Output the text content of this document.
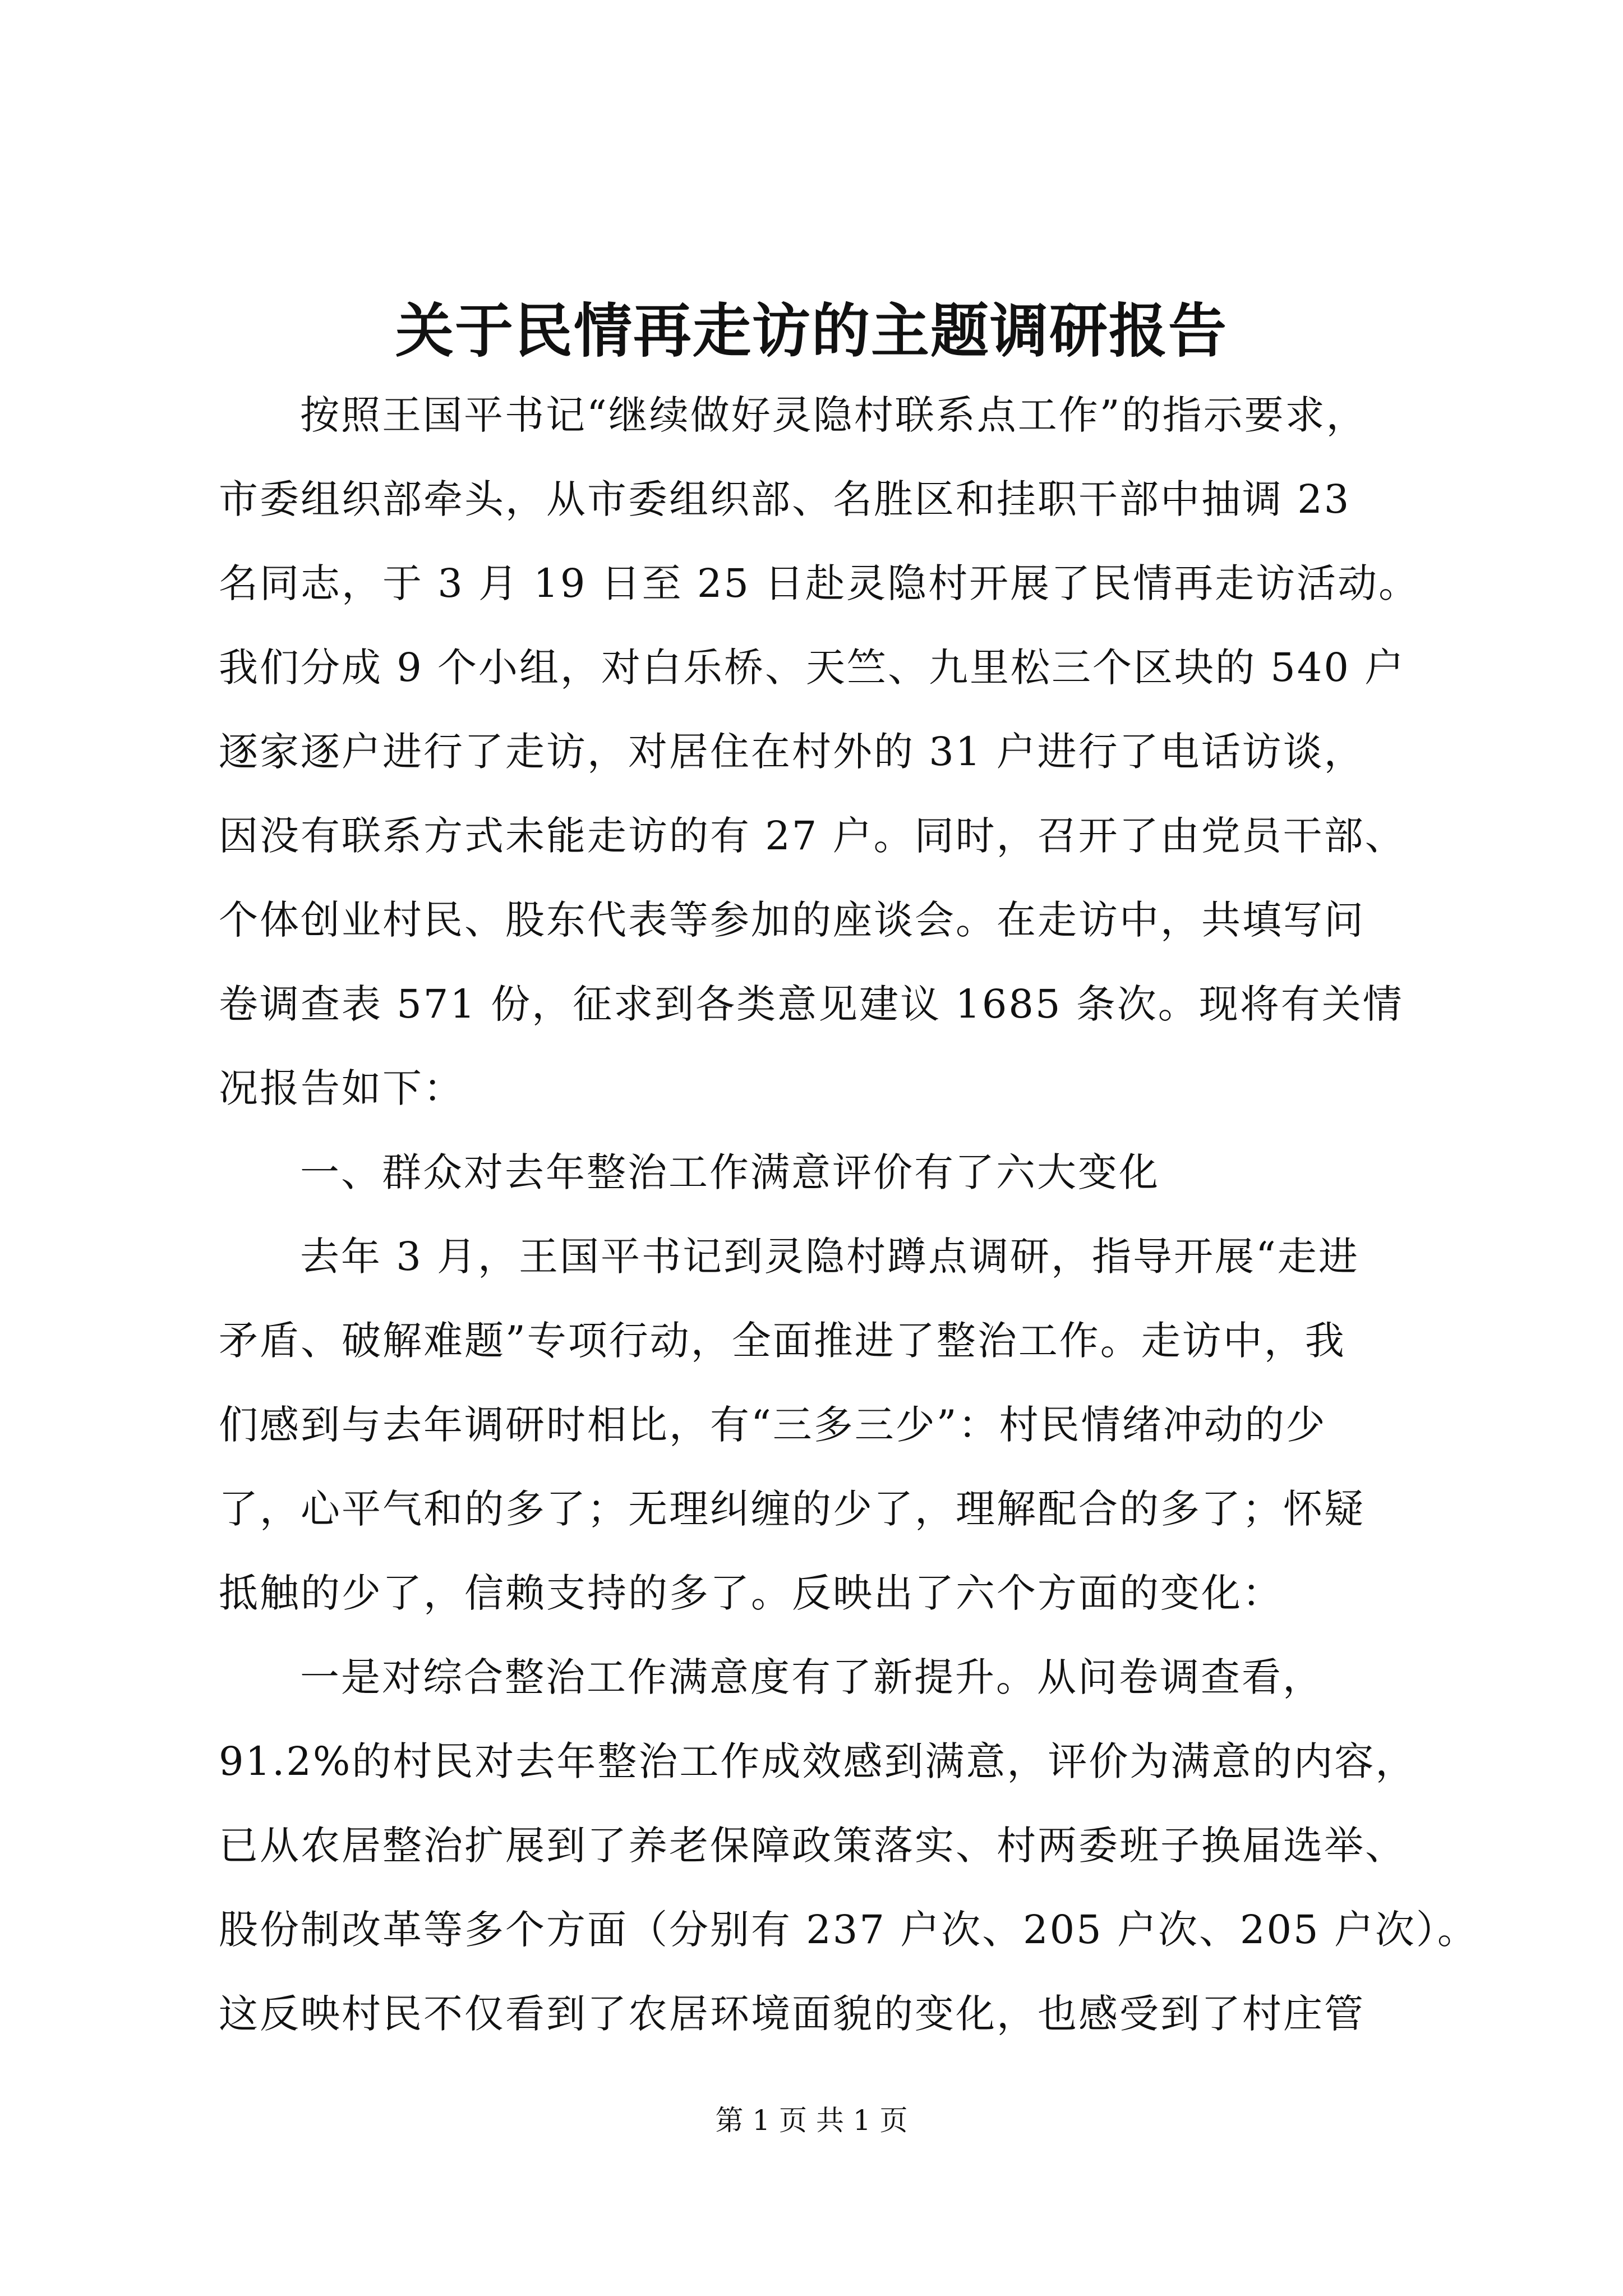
关于民情再走访的主题调研报告
按照王国平书记“继续做好灵隐村联系点工作”的指示要求，
市委组织部牵头，从市委组织部、名胜区和挂职干部中抽调 23
名同志，于 3 月 19 日至 25 日赴灵隐村开展了民情再走访活动。
我们分成 9 个小组，对白乐桥、天竺、九里松三个区块的 540 户
逐家逐户进行了走访，对居住在村外的 31 户进行了电话访谈，
因没有联系方式未能走访的有 27 户。同时，召开了由党员干部、
个体创业村民、股东代表等参加的座谈会。在走访中，共填写问
卷调查表 571 份，征求到各类意见建议 1685 条次。现将有关情
况报告如下：
一、群众对去年整治工作满意评价有了六大变化
去年 3 月，王国平书记到灵隐村蹲点调研，指导开展“走进
矛盾、破解难题”专项行动，全面推进了整治工作。走访中，我
们感到与去年调研时相比，有“三多三少”：村民情绪冲动的少
了，心平气和的多了；无理纠缠的少了，理解配合的多了；怀疑
抵触的少了，信赖支持的多了。反映出了六个方面的变化：
一是对综合整治工作满意度有了新提升。从问卷调查看，
91.2%的村民对去年整治工作成效感到满意，评价为满意的内容，
已从农居整治扩展到了养老保障政策落实、村两委班子换届选举、
股份制改革等多个方面（分别有 237 户次、205 户次、205 户次）。
这反映村民不仅看到了农居环境面貌的变化，也感受到了村庄管
第 1 页 共 1 页
